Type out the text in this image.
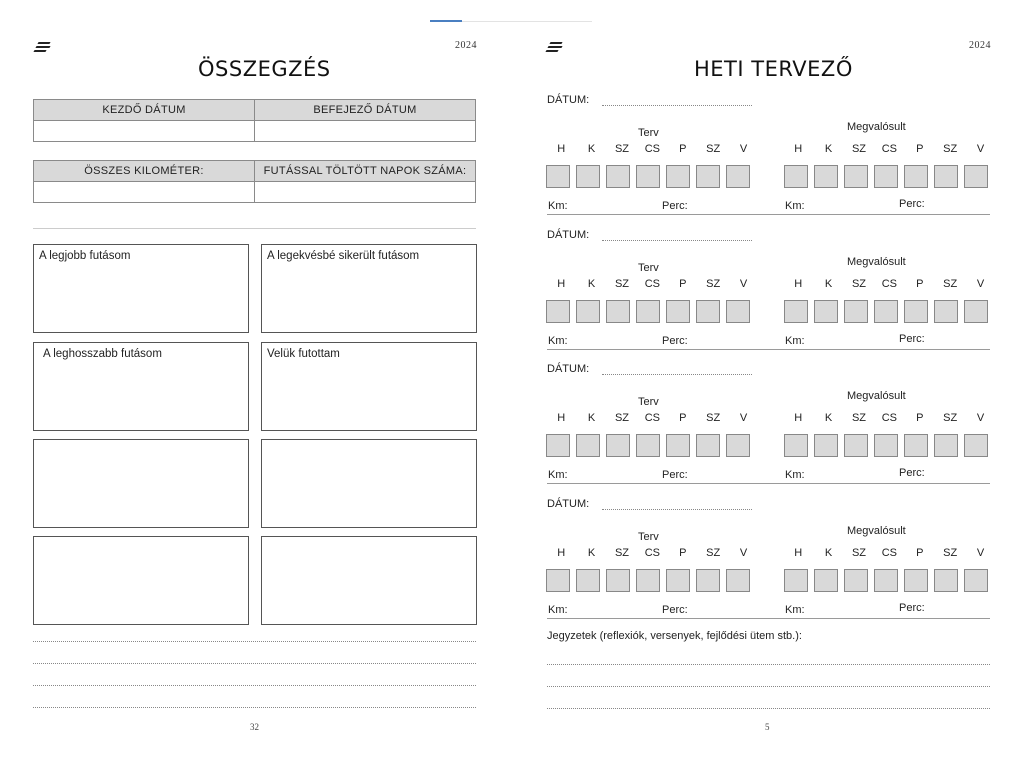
2024
ÖSSZEGZÉS
KEZDŐ DÁTUM	BEFEJEZŐ DÁTUM

ÖSSZES KILOMÉTER:	FUTÁSSAL TÖLTÖTT NAPOK SZÁMA:

A legjobb futásom	A legekvésbé sikerült futásom
A leghosszabb futásom	Velük futottam
32
2024
HETI TERVEZŐ
DÁTUM:
Terv	Megvalósult
H	K	SZ	CS	P	SZ	V	H	K	SZ	CS	P	SZ	V
Km:	Perc:	Km:	Perc:
DÁTUM:
Terv	Megvalósult
H	K	SZ	CS	P	SZ	V	H	K	SZ	CS	P	SZ	V
Km:	Perc:	Km:	Perc:
DÁTUM:
Terv	Megvalósult
H	K	SZ	CS	P	SZ	V	H	K	SZ	CS	P	SZ	V
Km:	Perc:	Km:	Perc:
DÁTUM:
Terv	Megvalósult
H	K	SZ	CS	P	SZ	V	H	K	SZ	CS	P	SZ	V
Km:	Perc:	Km:	Perc:
Jegyzetek (reflexiók, versenyek, fejlődési ütem stb.):
5
